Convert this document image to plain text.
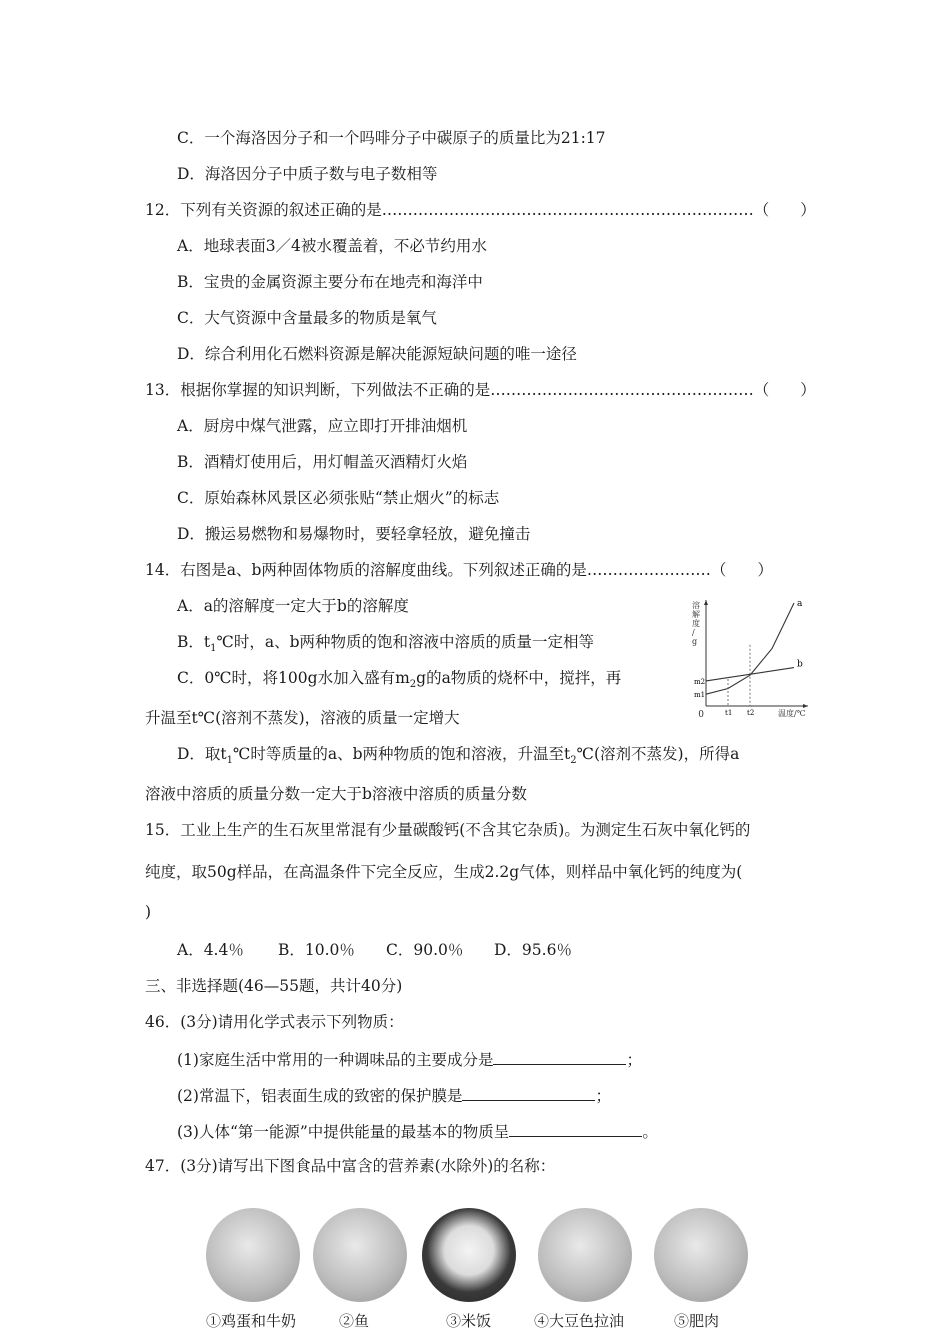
C．一个海洛因分子和一个吗啡分子中碳原子的质量比为21:17
D．海洛因分子中质子数与电子数相等
12．下列有关资源的叙述正确的是………………………………………………………………（　　）
A．地球表面3／4被水覆盖着，不必节约用水
B．宝贵的金属资源主要分布在地壳和海洋中
C．大气资源中含量最多的物质是氧气
D．综合利用化石燃料资源是解决能源短缺问题的唯一途径
13．根据你掌握的知识判断，下列做法不正确的是……………………………………………（　　）
A．厨房中煤气泄露，应立即打开排油烟机
B．酒精灯使用后，用灯帽盖灭酒精灯火焰
C．原始森林风景区必须张贴“禁止烟火”的标志
D．搬运易燃物和易爆物时，要轻拿轻放，避免撞击
14．右图是a、b两种固体物质的溶解度曲线。下列叙述正确的是……………………（　　）
A．a的溶解度一定大于b的溶解度
B．$t_1℃$时，a、b两种物质的饱和溶液中溶质的质量一定相等
C．0℃时，将100g水加入盛有$m_2g$的a物质的烧杯中，搅拌，再
升温至t℃(溶剂不蒸发)，溶液的质量一定增大
D．取$t_1℃$时等质量的a、b两种物质的饱和溶液，升温至$t_2℃$(溶剂不蒸发)，所得a
溶液中溶质的质量分数一定大于b溶液中溶质的质量分数
溶
解
度
/
g
温度/℃
0
a
b
m1
m2
t1 t2
15．工业上生产的生石灰里常混有少量碳酸钙(不含其它杂质)。为测定生石灰中氧化钙的
纯度，取50g样品，在高温条件下完全反应，生成2.2g气体，则样品中氧化钙的纯度为(
)
A．4.4％ B．10.0％ C．90.0％ D．95.6％
三、非选择题(46—55题，共计40分)
46．(3分)请用化学式表示下列物质：
(1)家庭生活中常用的一种调味品的主要成分是	；
(2)常温下，铝表面生成的致密的保护膜是	；
(3)人体“第一能源”中提供能量的最基本的物质呈	。
47．(3分)请写出下图食品中富含的营养素(水除外)的名称：
①鸡蛋和牛奶	②鱼	③米饭	④大豆色拉油	⑤肥肉
